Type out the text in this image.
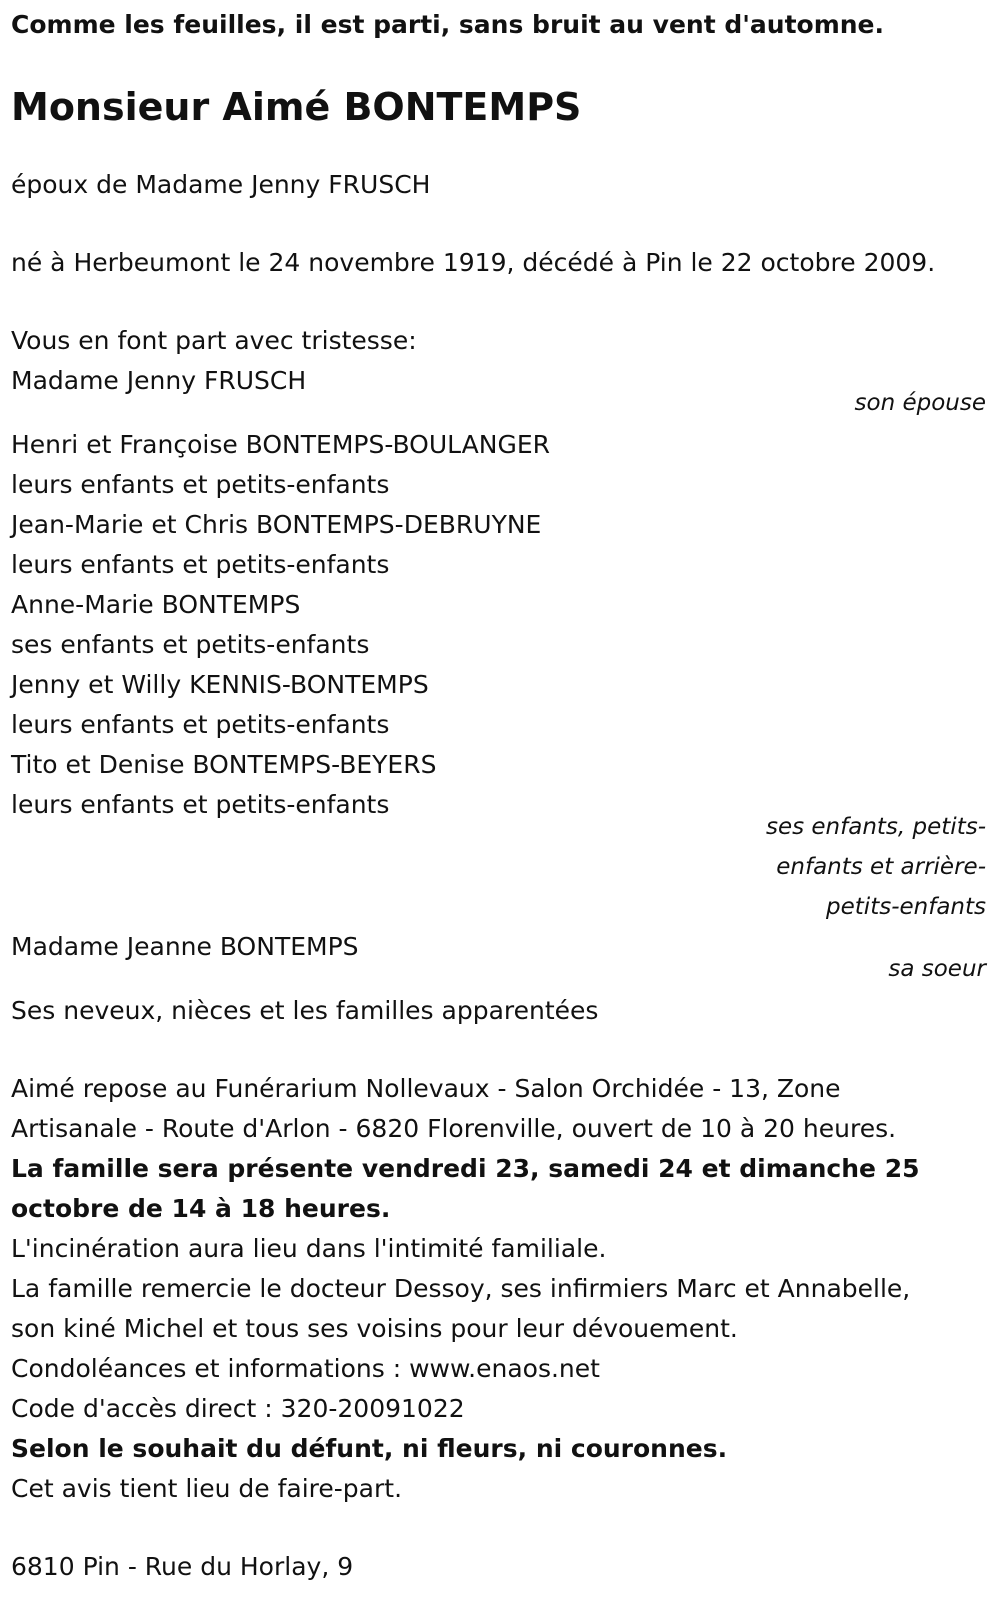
Comme les feuilles, il est parti, sans bruit au vent d'automne.
Monsieur Aimé BONTEMPS
époux de Madame Jenny FRUSCH
né à Herbeumont le 24 novembre 1919, décédé à Pin le 22 octobre 2009.
Vous en font part avec tristesse:
Madame Jenny FRUSCH
son épouse
Henri et Françoise BONTEMPS-BOULANGER
leurs enfants et petits-enfants
Jean-Marie et Chris BONTEMPS-DEBRUYNE
leurs enfants et petits-enfants
Anne-Marie BONTEMPS
ses enfants et petits-enfants
Jenny et Willy KENNIS-BONTEMPS
leurs enfants et petits-enfants
Tito et Denise BONTEMPS-BEYERS
leurs enfants et petits-enfants
ses enfants, petits-
enfants et arrière-
petits-enfants
Madame Jeanne BONTEMPS
sa soeur
Ses neveux, nièces et les familles apparentées
Aimé repose au Funérarium Nollevaux - Salon Orchidée - 13, Zone
Artisanale - Route d'Arlon - 6820 Florenville, ouvert de 10 à 20 heures.
La famille sera présente vendredi 23, samedi 24 et dimanche 25
octobre de 14 à 18 heures.
L'incinération aura lieu dans l'intimité familiale.
La famille remercie le docteur Dessoy, ses infirmiers Marc et Annabelle,
son kiné Michel et tous ses voisins pour leur dévouement.
Condoléances et informations : www.enaos.net
Code d'accès direct : 320-20091022
Selon le souhait du défunt, ni fleurs, ni couronnes.
Cet avis tient lieu de faire-part.
6810 Pin - Rue du Horlay, 9
